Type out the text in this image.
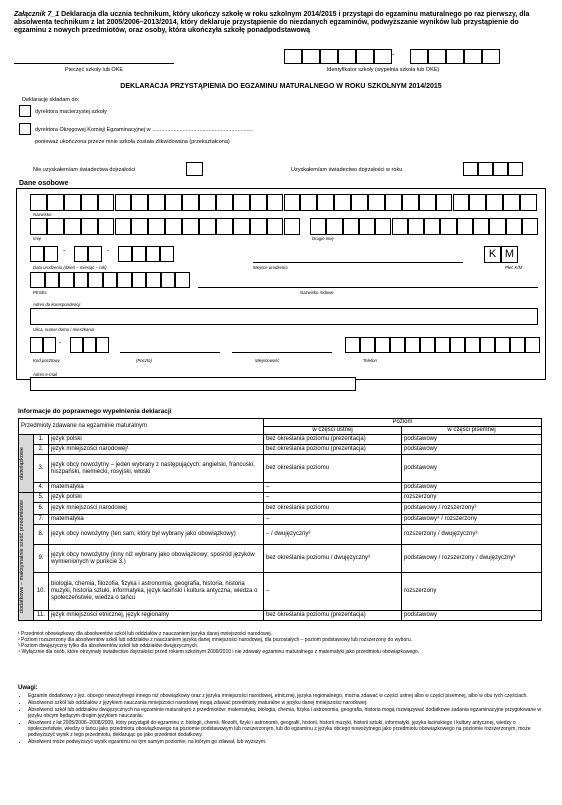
Załącznik 7_1 Deklaracja dla ucznia technikum, który ukończy szkołę w roku szkolnym 2014/2015 i przystąpi do egzaminu maturalnego po raz pierwszy, dla absolwenta technikum z lat 2005/2006–2013/2014, który deklaruje przystąpienie do niezdanych egzaminów, podwyższanie wyników lub przystąpienie do egzaminu z nowych przedmiotów, oraz osoby, która ukończyła szkołę ponadpodstawową
Pieczęć szkoły lub OKE
-
Identyfikator szkoły (wypełnia szkoła lub OKE)
DEKLARACJA PRZYSTĄPIENIA DO EGZAMINU MATURALNEGO W ROKU SZKOLNYM 2014/2015
Deklarację składam do:
dyrektora macierzystej szkoły
dyrektora Okręgowej Komisji Egzaminacyjnej w ..................................................................
ponieważ ukończona przeze mnie szkoła została zlikwidowana (przekształcona)
Nie uzyskałem/am świadectwa dojrzałości	Uzyskałem/am świadectwo dojrzałości w roku
Dane osobowe
Nazwisko
Imię	Drugie imię
-	-
Data urodzenia (dzień – miesiąc – rok)	Miejsce urodzenia
K M
Płeć K/M
PESEL	Nazwisko rodowe
Adres do korespondencji
Ulica, numer domu / mieszkania
-
Kod pocztowy	(Poczta)	Miejscowość	Telefon
Adres e-mail
Informacje do poprawnego wypełnienia deklaracji
Przedmioty zdawane na egzaminie maturalnym			Poziom	
			w części ustnej	w części pisemnej

obowiązkowe	1.	język polski	bez określania poziomu (prezentacja)	podstawowy
	2.	język mniejszości narodowej¹	bez określania poziomu (prezentacja)	podstawowy
	3.	język obcy nowożytny – jeden wybrany z następujących: angielski, francuski, hiszpański, niemiecki, rosyjski, włoski	bez określania poziomu	podstawowy
	4.	matematyka	–	podstawowy

dodatkowe – maksymalnie sześć przedmiotów	5.	język polski	–	rozszerzony
	6.	język mniejszości narodowej	bez określania poziomu	podstawowy / rozszerzony²
	7.	matematyka	–	podstawowy⁴ / rozszerzony
	8.	język obcy nowożytny (ten sam, który był wybrany jako obowiązkowy)	– / dwujęzyczny³	rozszerzony / dwujęzyczny³
	9.	język obcy nowożytny (inny niż wybrany jako obowiązkowy; spośród języków wymienionych w punkcie 3.)	bez określania poziomu / dwujęzyczny³	podstawowy / rozszerzony / dwujęzyczny³
	10.	biologia, chemia, filozofia, fizyka i astronomia, geografia, historia, historia muzyki, historia sztuki, informatyka, język łaciński i kultura antyczna, wiedza o społeczeństwie, wiedza o tańcu	–	rozszerzony
	11.	język mniejszości etnicznej, język regionalny	bez określania poziomu (prezentacja)	podstawowy
¹ Przedmiot obowiązkowy dla absolwentów szkół lub oddziałów z nauczaniem języka danej mniejszości narodowej.
² Poziom rozszerzony dla absolwentów szkół lub oddziałów z nauczaniem języka danej mniejszości narodowej, dla pozostałych – poziom podstawowy lub rozszerzony do wyboru.
³ Poziom dwujęzyczny tylko dla absolwentów szkół lub oddziałów dwujęzycznych.
⁴ Wyłącznie dla osób, które otrzymały świadectwo dojrzałości przed rokiem szkolnym 2009/2010 i nie zdawały egzaminu maturalnego z matematyki jako przedmiotu obowiązkowego.
Uwagi:
• Egzamin dodatkowy z jęz. obcego nowożytnego innego niż obowiązkowy oraz z języka mniejszości narodowej, etnicznej, języka regionalnego, można zdawać w części ustnej albo w części pisemnej, albo w obu tych częściach.
• Absolwenci szkół lub oddziałów z językiem nauczania mniejszości narodowej mogą zdawać przedmioty maturalne w języku danej mniejszości narodowej.
• Absolwenci szkół lub oddziałów dwujęzycznych na egzaminie maturalnym z przedmiotów: matematyka, biologia, chemia, fizyka i astronomia, geografia, historia mogą rozwiązywać dodatkowe zadania egzaminacyjne przygotowane w języku obcym będącym drugim językiem nauczania.
• Absolwent z lat 2005/2006–2008/2009, który przystąpił do egzaminu z: biologii, chemii, filozofii, fizyki i astronomii, geografii, historii, historii muzyki, historii sztuki, informatyki, języka łacińskiego i kultury antycznej, wiedzy o społeczeństwie, wiedzy o tańcu jako przedmiotu obowiązkowego na poziomie podstawowym lub rozszerzonym, lub do egzaminu z języka obcego nowożytnego jako przedmiotu obowiązkowego na poziomie rozszerzonym, może podwyższyć wynik z tego przedmiotu, deklarując go jako przedmiot dodatkowy.
• Absolwent może podwyższyć wynik egzaminu na tym samym poziomie, na którym go zdawał, lub wyższym.
